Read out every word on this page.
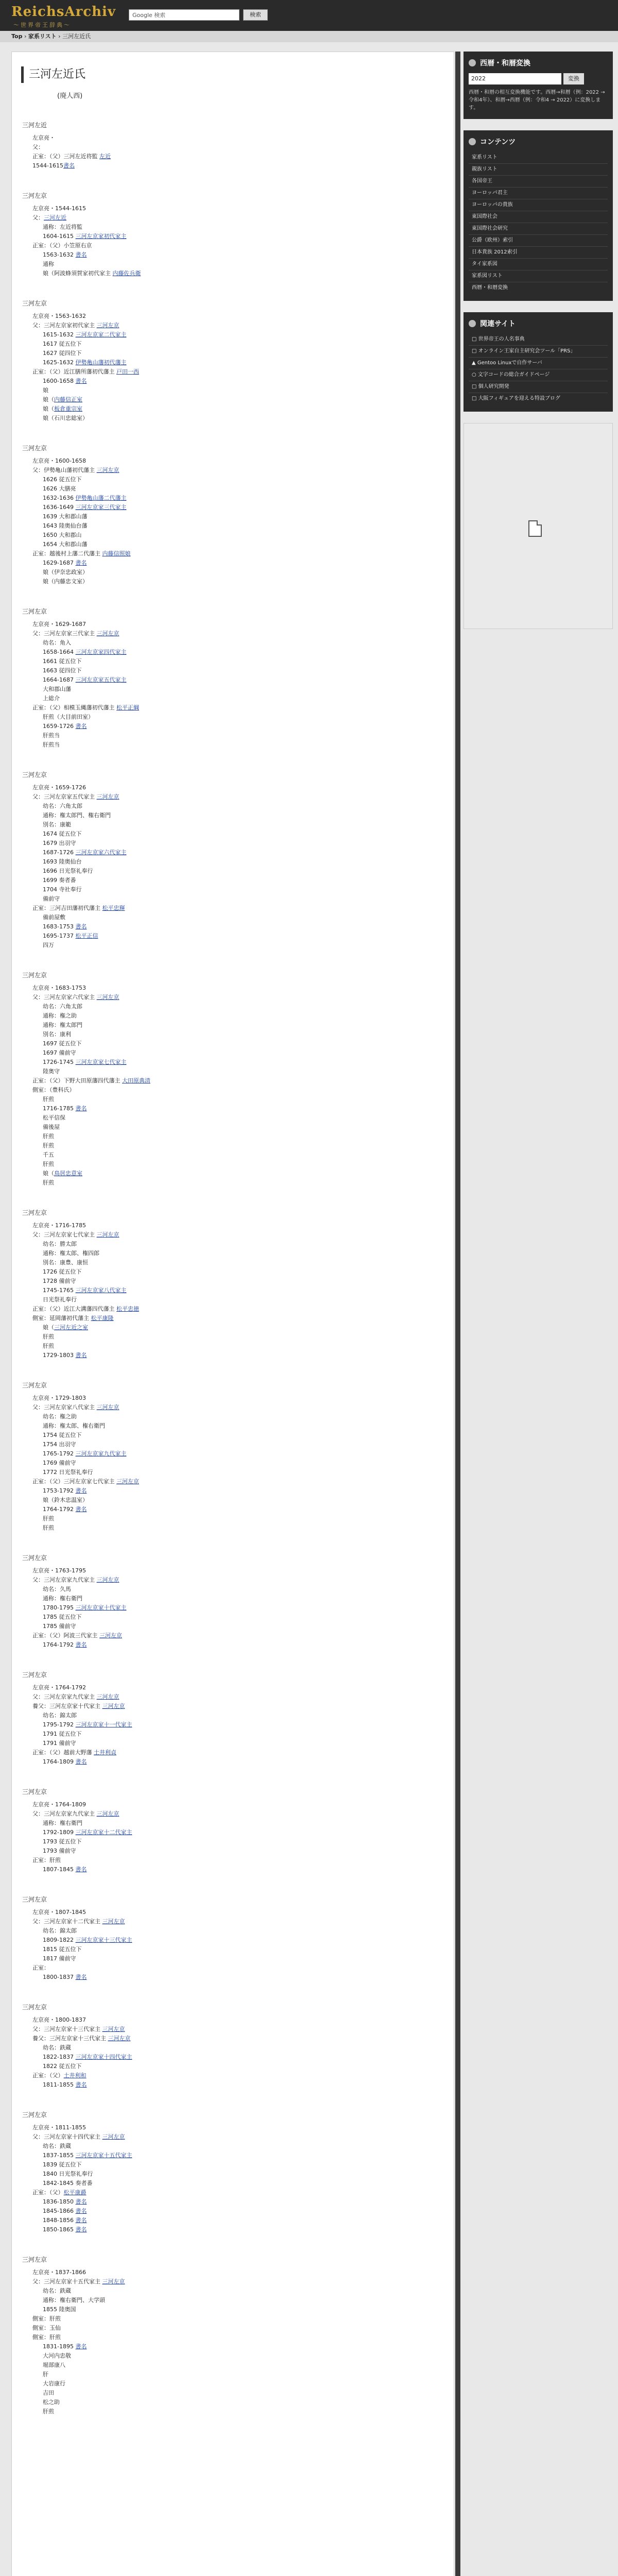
ReichsArchiv
～世界帝王辞典～
Google 検索	検索
Top › 家系リスト › 三河左近氏
三河左近氏
(廃人西)
三河左近
左京亮・
父：
正室：（父）三河左近将監 左近
1544-1615書名
三河左京
左京亮・1544-1615
父：三河左近
通称：左近将監
1604-1615 三河左京家初代家主
正室：（父）小笠原右京
1563-1632 書名
通称
娘（阿波蜂須賀家初代家主 内藤佐兵衛
三河左京
左京亮・1563-1632
父：三河左京家初代家主 三河左京
1615-1632 三河左京家二代家主
1617 従五位下
1627 従四位下
1625-1632 伊勢亀山藩初代藩主
正室：（父）近江膳所藩初代藩主 戸田一西
1600-1658 書名
娘
娘（内藤信正室
娘（板倉重宗室
娘（石川忠総室）
三河左京
左京亮・1600-1658
父：伊勢亀山藩初代藩主 三河左京
1626 従五位下
1626 大膳亮
1632-1636 伊勢亀山藩二代藩主
1636-1649 三河左京家三代家主
1639 大和郡山藩
1643 陸奥仙台藩
1650 大和郡山
1654 大和郡山藩
正室：越後村上藩二代藩主 内藤信照娘
1629-1687 書名
娘（伊奈忠政室）
娘（内藤忠文室）
三河左京
左京亮・1629-1687
父：三河左京家三代家主 三河左京
幼名：角入
1658-1664 三河左京家四代家主
1661 従五位下
1663 従四位下
1664-1687 三河左京家五代家主
大和郡山藩
上総介
正室：（父）相模玉縄藩初代藩主 松平正綱
肝煎（大目前田室）
1659-1726 書名
肝煎当
肝煎当
三河左京
左京亮・1659-1726
父：三河左京家五代家主 三河左京
幼名：六角太郎
通称：権太郎門、権右衛門
別名：康範
1674 従五位下
1679 出羽守
1687-1726 三河左京家六代家主
1693 陸奥仙台
1696 日光祭礼奉行
1699 奏者番
1704 寺社奉行
備前守
正室：三河吉田藩初代藩主 松平忠輝
備前屋敷
1683-1753 書名
1695-1737 松平正信
四万
三河左京
左京亮・1683-1753
父：三河左京家六代家主 三河左京
幼名：六角太郎
通称：権之助
通称：権太郎門
別名：康利
1697 従五位下
1697 備前守
1726-1745 三河左京家七代家主
陸奥守
正室：（父）下野大田原藩四代藩主 大田原典清
側室：（豊科氏）
肝煎
1716-1785 書名
松平信保
備後屋
肝煎
肝煎
千五
肝煎
娘（鳥居忠意室
肝煎
三河左京
左京亮・1716-1785
父：三河左京家七代家主 三河左京
幼名：勝太郎
通称：権太郎、権四郎
別名：康豊、康恒
1726 従五位下
1728 備前守
1745-1765 三河左京家八代家主
日光祭礼奉行
正室：（父）近江大溝藩四代藩主 松平忠徳
側室：延岡藩初代藩主 松平康隆
娘（三河左近之室
肝煎
肝煎
1729-1803 書名
三河左京
左京亮・1729-1803
父：三河左京家八代家主 三河左京
幼名：権之助
通称：権太郎、権右衛門
1754 従五位下
1754 出羽守
1765-1792 三河左京家九代家主
1769 備前守
1772 日光祭礼奉行
正室：（父）三河左京家七代家主 三河左京
1753-1792 書名
娘（鈴木忠温室）
1764-1792 書名
肝煎
肝煎
三河左京
左京亮・1763-1795
父：三河左京家九代家主 三河左京
幼名：久馬
通称：権右衛門
1780-1795 三河左京家十代家主
1785 従五位下
1785 備前守
正室：（父）阿波三代家主 三河左京
1764-1792 書名
三河左京
左京亮・1764-1792
父：三河左京家九代家主 三河左京
養父：三河左京家十代家主 三河左京
幼名：錦太郎
1795-1792 三河左京家十一代家主
1791 従五位下
1791 備前守
正室：（父）越前大野藩 土井利貞
1764-1809 書名
三河左京
左京亮・1764-1809
父：三河左京家九代家主 三河左京
通称：権右衛門
1792-1809 三河左京家十二代家主
1793 従五位下
1793 備前守
正室：肝煎
1807-1845 書名
三河左京
左京亮・1807-1845
父：三河左京家十二代家主 三河左京
幼名：錦太郎
1809-1822 三河左京家十三代家主
1815 従五位下
1817 備前守
正室：
1800-1837 書名
三河左京
左京亮・1800-1837
父：三河左京家十三代家主 三河左京
養父：三河左京家十三代家主 三河左京
幼名：鉄蔵
1822-1837 三河左京家十四代家主
1822 従五位下
正室：（父）土井利和
1811-1855 書名
三河左京
左京亮・1811-1855
父：三河左京家十四代家主 三河左京
幼名：鉄蔵
1837-1855 三河左京家十五代家主
1839 従五位下
1840 日光祭礼奉行
1842-1845 奏者番
正室：（父）松平康爵
1836-1850 書名
1845-1866 書名
1848-1856 書名
1850-1865 書名
三河左京
左京亮・1837-1866
父：三河左京家十五代家主 三河左京
幼名：鉄蔵
通称：権右衛門、大学頭
1855 陸奥国
側室：肝煎
側室：玉仙
側室：肝煎
1831-1895 書名
大河内忠敬
堀部康八
肝
大岩康行
吉田
松之助
肝煎
西暦・和暦変換
2022	変換

西暦・和暦の相互変換機能です。西暦→和暦（例：2022 → 令和4年）、和暦→西暦（例：令和4 → 2022）に変換します。

コンテンツ
家系リスト
親族リスト
各国帝王
ヨーロッパ君主
ヨーロッパの貴族
東国際社会
東国際社会研究
公爵（欧州）索引
日本貴族 2012索引
タイ家系図
家系図リスト
西暦・和暦変換
関連サイト
□ 世界帝王の人名事典
□ オンライン王家自主研究会ツール「PRS」
▲ Gentoo Linuxで自作サーバ
○ 文字コードの総合ガイドページ
□ 個人研究開発
□ 大阪フィギュアを迎える特設ブログ
